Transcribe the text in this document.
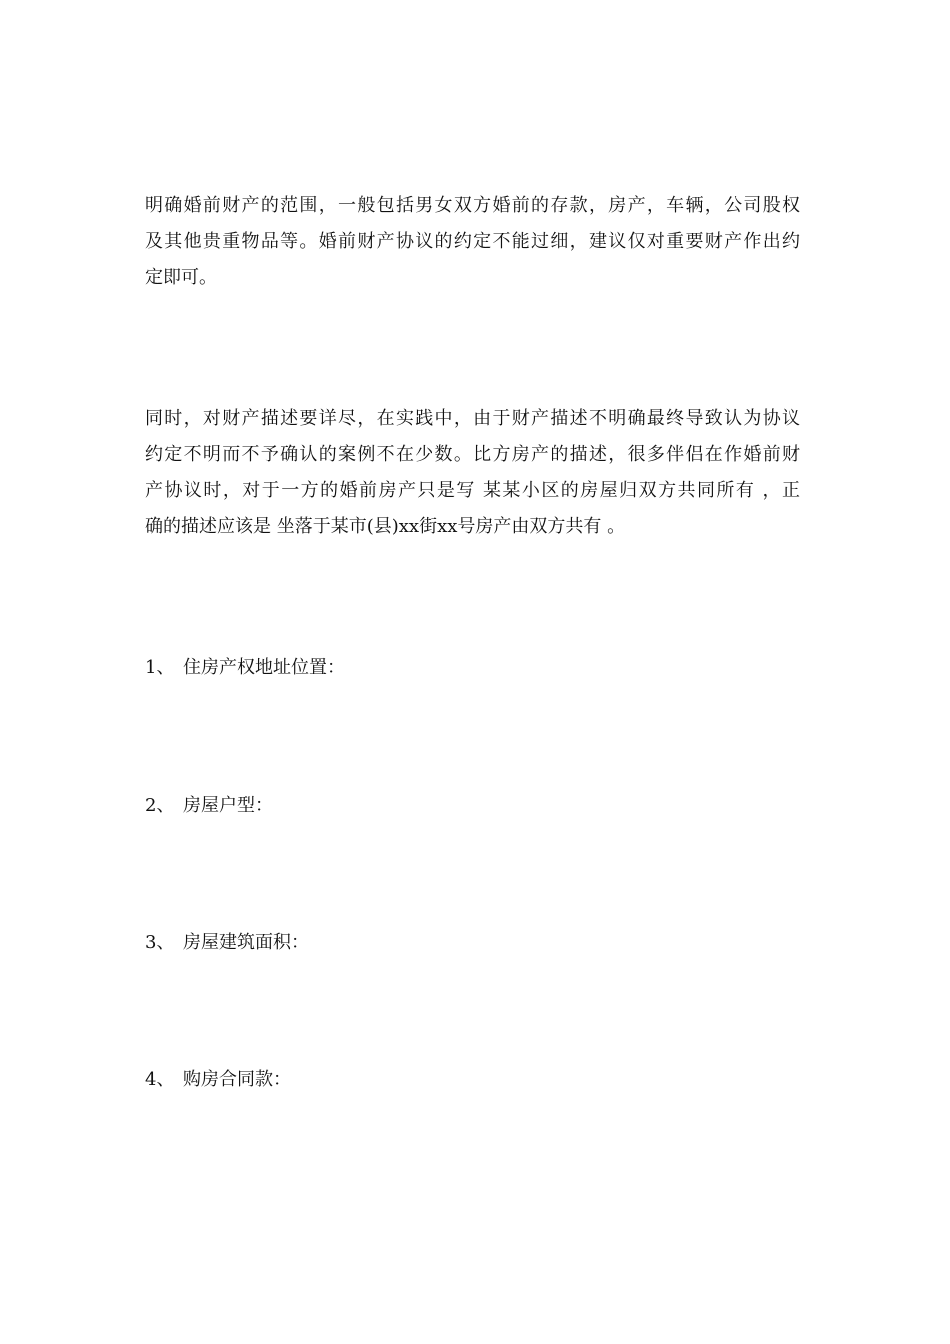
明确婚前财产的范围，一般包括男女双方婚前的存款，房产，车辆，公司股权
及其他贵重物品等。婚前财产协议的约定不能过细，建议仅对重要财产作出约
定即可。

同时，对财产描述要详尽，在实践中，由于财产描述不明确最终导致认为协议
约定不明而不予确认的案例不在少数。比方房产的描述，很多伴侣在作婚前财
产协议时，对于一方的婚前房产只是写 某某小区的房屋归双方共同所有 ，正
确的描述应该是 坐落于某市(县)xx街xx号房产由双方共有 。

1、 住房产权地址位置：
2、 房屋户型：
3、 房屋建筑面积：
4、 购房合同款：
